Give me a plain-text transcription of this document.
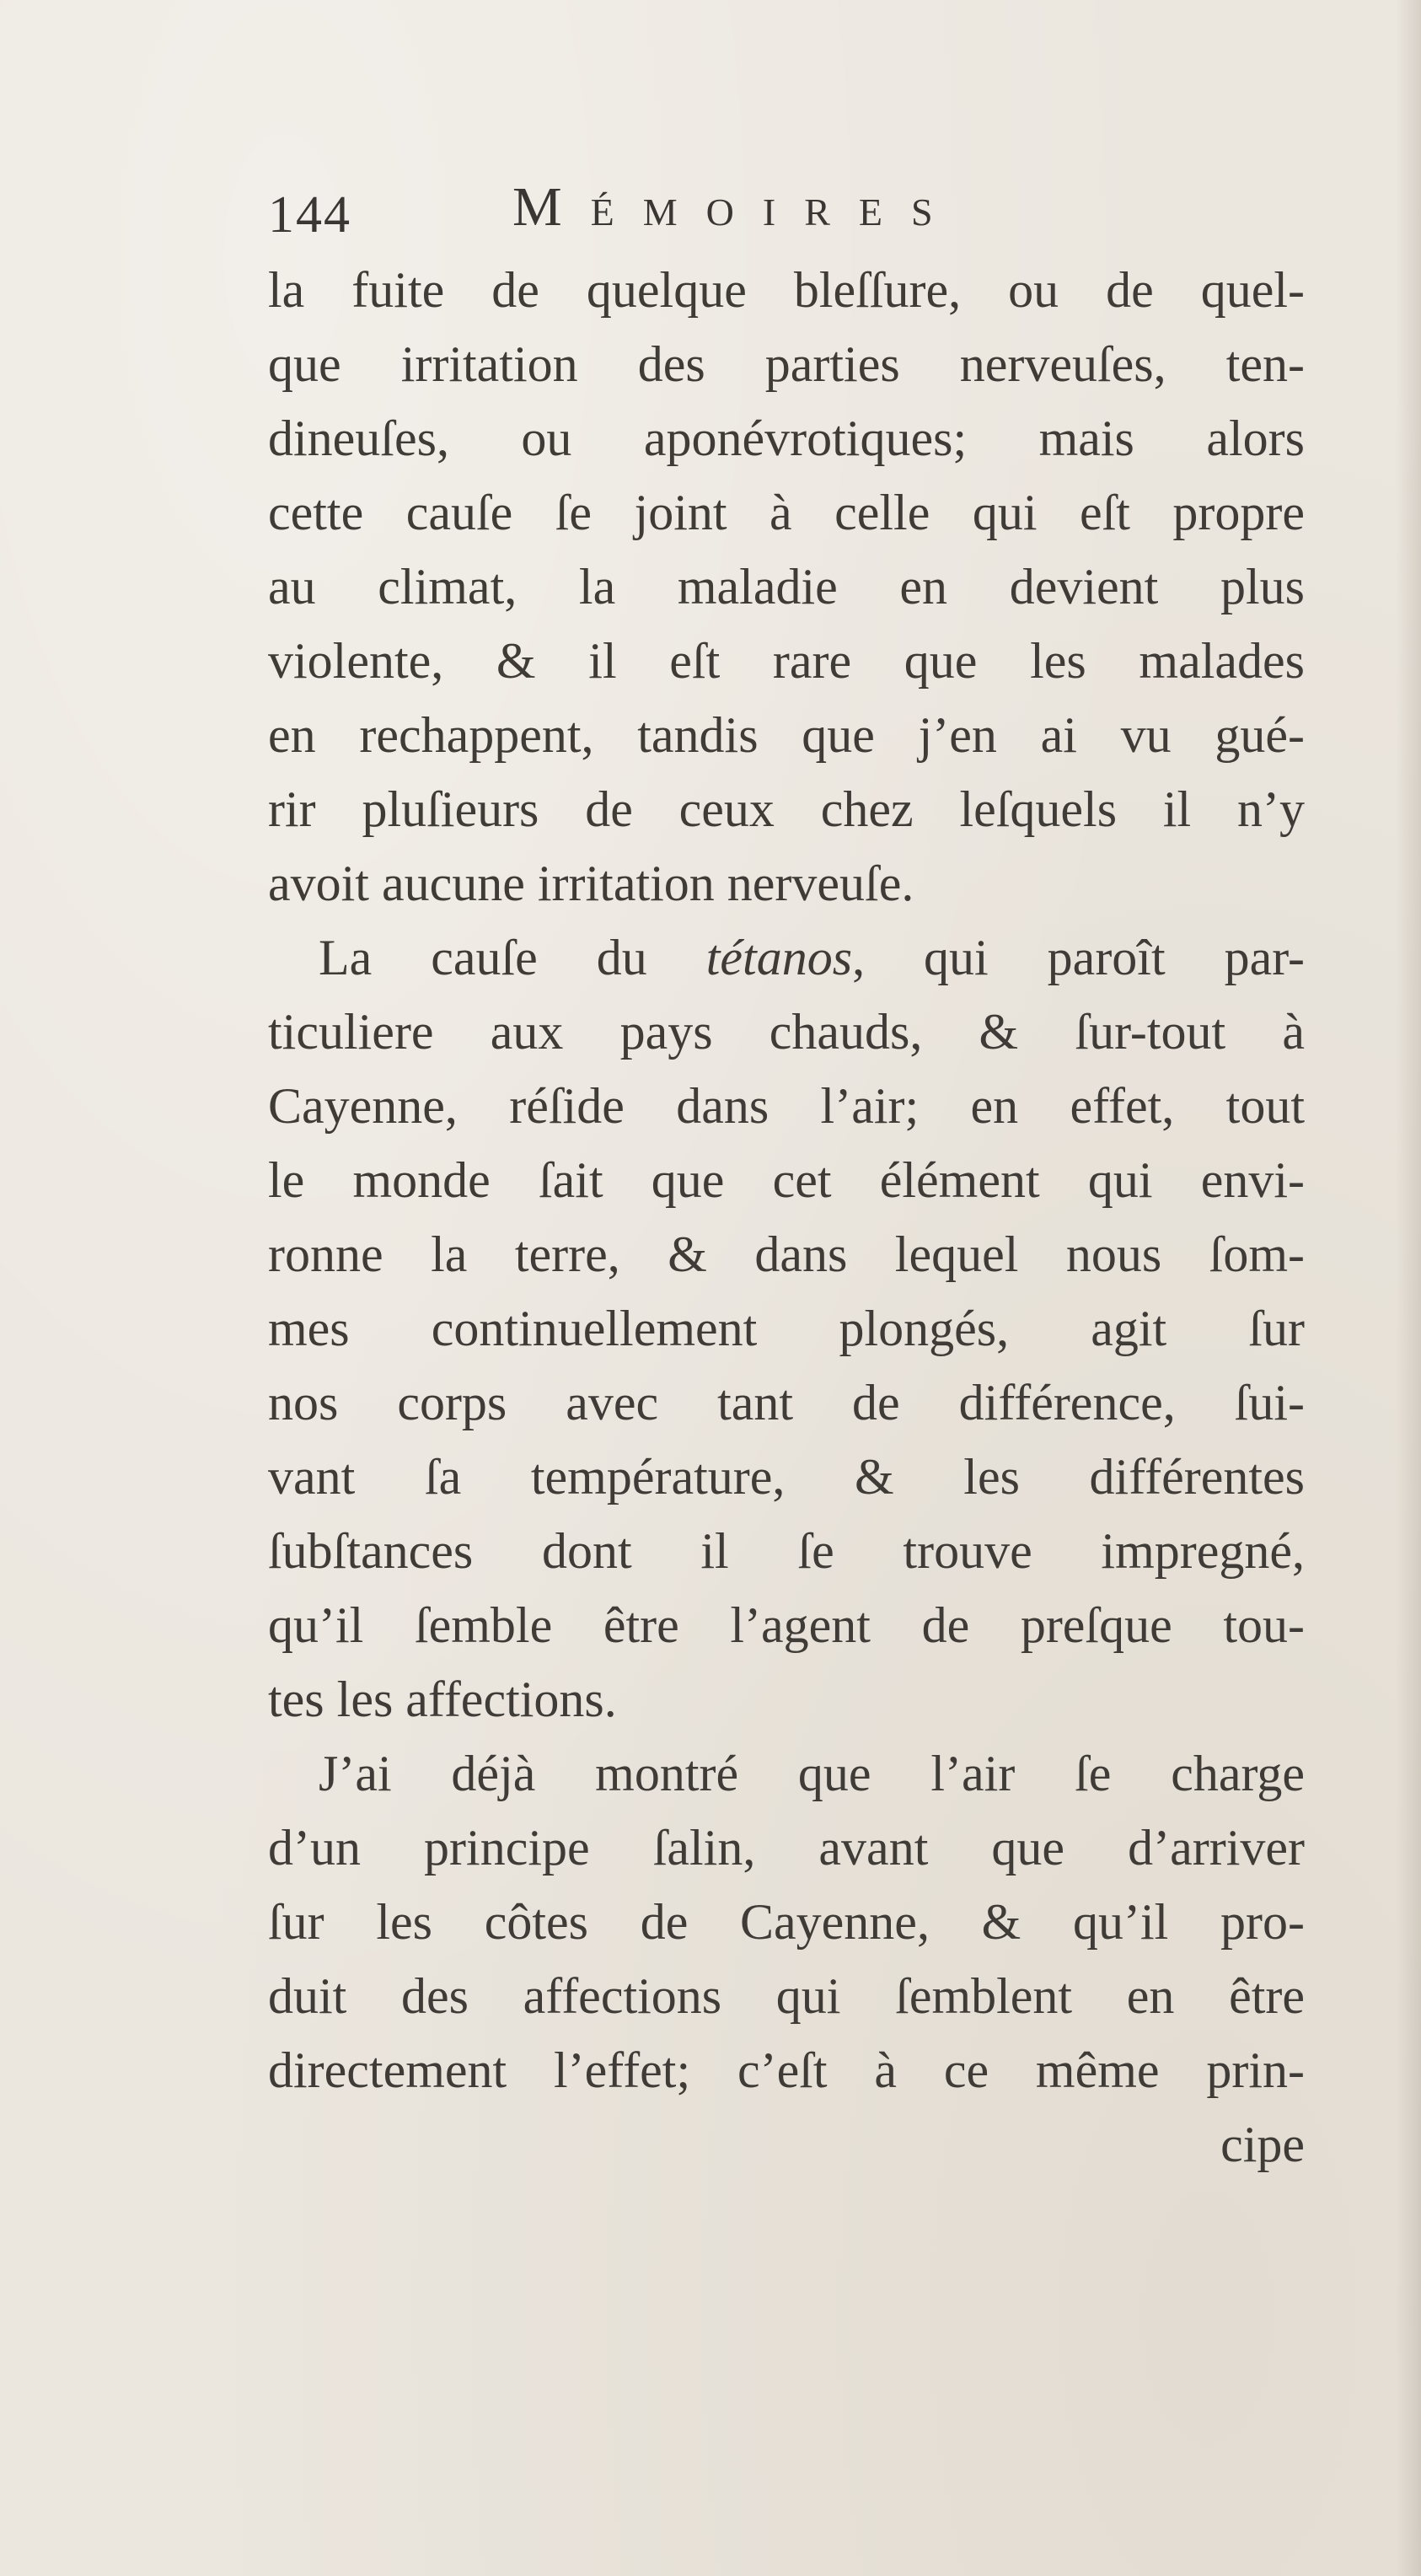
144	Mémoires
la fuite de quelque bleſſure, ou de quel-
que irritation des parties nerveuſes, ten-
dineuſes, ou aponévrotiques; mais alors
cette cauſe ſe joint à celle qui eſt propre
au climat, la maladie en devient plus
violente, & il eſt rare que les malades
en rechappent, tandis que j’en ai vu gué-
rir pluſieurs de ceux chez leſquels il n’y
avoit aucune irritation nerveuſe.
La cauſe du tétanos, qui paroît par-
ticuliere aux pays chauds, & ſur-tout à
Cayenne, réſide dans l’air; en effet, tout
le monde ſait que cet élément qui envi-
ronne la terre, & dans lequel nous ſom-
mes continuellement plongés, agit ſur
nos corps avec tant de différence, ſui-
vant ſa température, & les différentes
ſubſtances dont il ſe trouve impregné,
qu’il ſemble être l’agent de preſque tou-
tes les affections.
J’ai déjà montré que l’air ſe charge
d’un principe ſalin, avant que d’arriver
ſur les côtes de Cayenne, & qu’il pro-
duit des affections qui ſemblent en être
directement l’effet; c’eſt à ce même prin-
cipe
